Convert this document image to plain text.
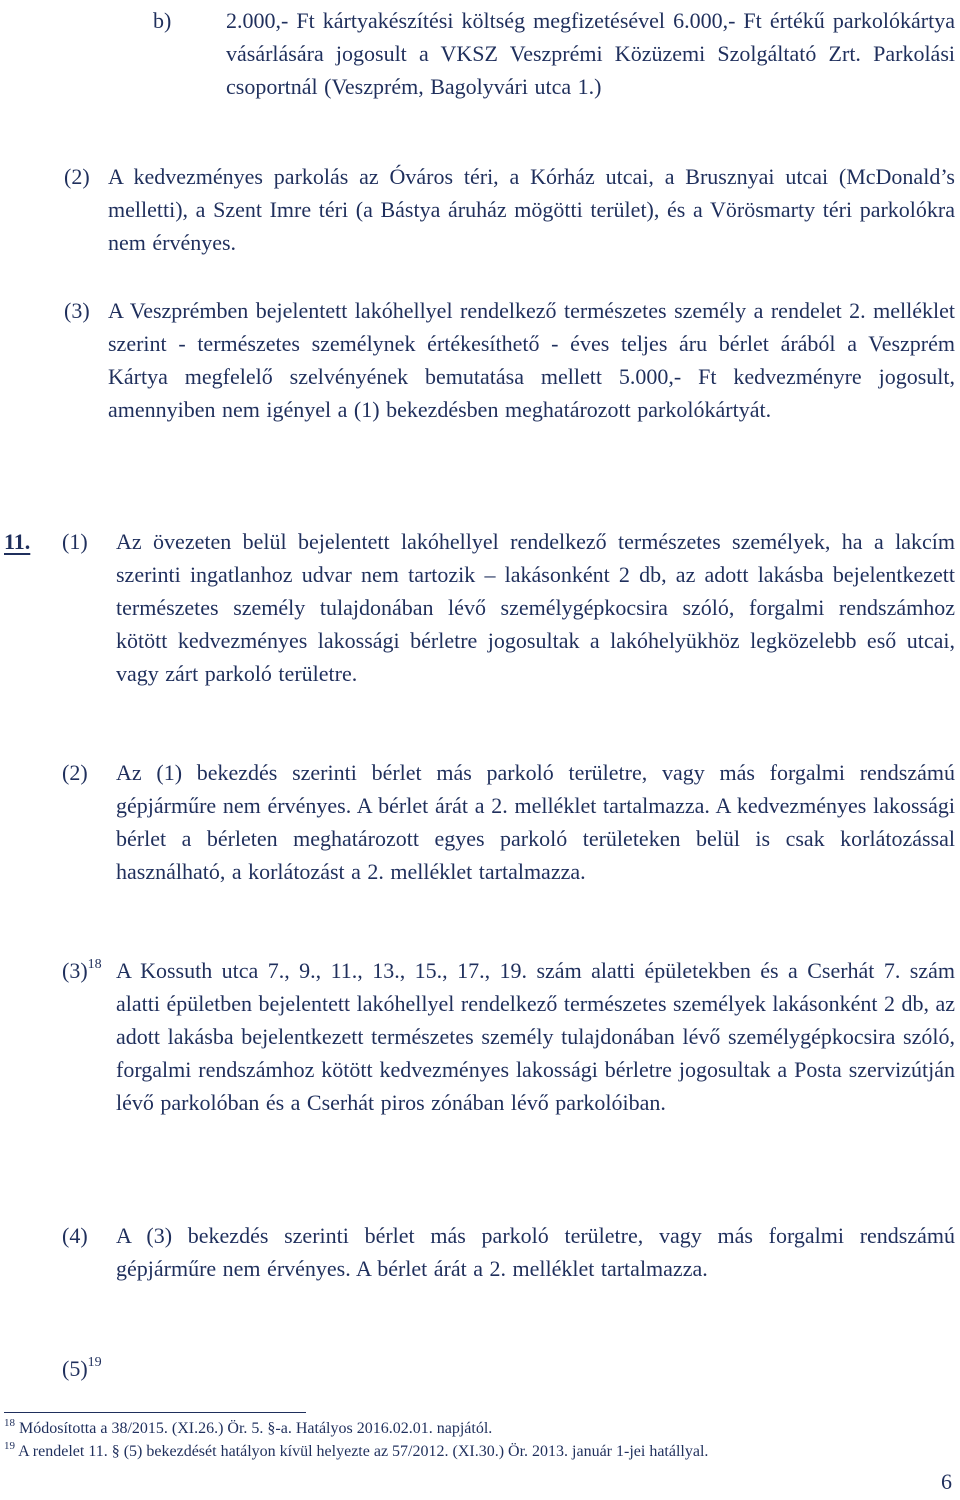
b)	2.000,- Ft kártyakészítési költség megfizetésével 6.000,- Ft értékű parkolókártya vásárlására jogosult a VKSZ Veszprémi Közüzemi Szolgáltató Zrt. Parkolási csoportnál (Veszprém, Bagolyvári utca 1.)
(2) A kedvezményes parkolás az Óváros téri, a Kórház utcai, a Brusznyai utcai (McDonald’s melletti), a Szent Imre téri (a Bástya áruház mögötti terület), és a Vörösmarty téri parkolókra nem érvényes.
(3) A Veszprémben bejelentett lakóhellyel rendelkező természetes személy a rendelet 2. melléklet szerint - természetes személynek értékesíthető - éves teljes áru bérlet árából a Veszprém Kártya megfelelő szelvényének bemutatása mellett 5.000,- Ft kedvezményre jogosult, amennyiben nem igényel a (1) bekezdésben meghatározott parkolókártyát.
11.	(1)	Az övezeten belül bejelentett lakóhellyel rendelkező természetes személyek, ha a lakcím szerinti ingatlanhoz udvar nem tartozik – lakásonként 2 db, az adott lakásba bejelentkezett természetes személy tulajdonában lévő személygépkocsira szóló, forgalmi rendszámhoz kötött kedvezményes lakossági bérletre jogosultak a lakóhelyükhöz legközelebb eső utcai, vagy zárt parkoló területre.
(2)	Az (1) bekezdés szerinti bérlet más parkoló területre, vagy más forgalmi rendszámú gépjárműre nem érvényes. A bérlet árát a 2. melléklet tartalmazza. A kedvezményes lakossági bérlet a bérleten meghatározott egyes parkoló területeken belül is csak korlátozással használható, a korlátozást a 2. melléklet tartalmazza.
$(3)^{18}$ A Kossuth utca 7., 9., 11., 13., 15., 17., 19. szám alatti épületekben és a Cserhát 7. szám alatti épületben bejelentett lakóhellyel rendelkező természetes személyek lakásonként 2 db, az adott lakásba bejelentkezett természetes személy tulajdonában lévő személygépkocsira szóló, forgalmi rendszámhoz kötött kedvezményes lakossági bérletre jogosultak a Posta szervizútján lévő parkolóban és a Cserhát piros zónában lévő parkolóiban.
(4)	A (3) bekezdés szerinti bérlet más parkoló területre, vagy más forgalmi rendszámú gépjárműre nem érvényes. A bérlet árát a 2. melléklet tartalmazza.
$(5)^{19}$
$^{18}$ Módosította a 38/2015. (XI.26.) Ör. 5. §-a. Hatályos 2016.02.01. napjától.
$^{19}$ A rendelet 11. § (5) bekezdését hatályon kívül helyezte az 57/2012. (XI.30.) Ör. 2013. január 1-jei hatállyal.
6
